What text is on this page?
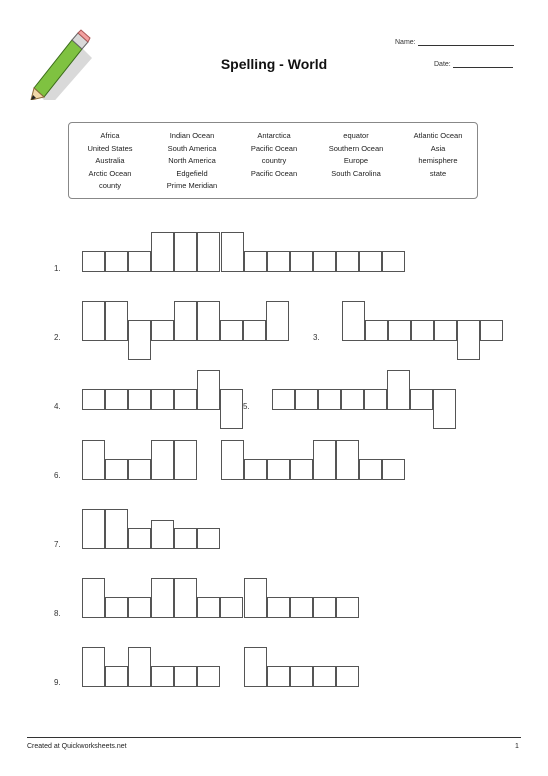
Spelling - World
Name:
Date:
Africa
United States
Australia
Arctic Ocean
county
Indian Ocean
South America
North America
Edgefield
Prime Meridian
Antarctica
Pacific Ocean
country
Pacific Ocean
equator
Southern Ocean
Europe
South Carolina
Atlantic Ocean
Asia
hemisphere
state
1.
2.	3.
4.	5.
6.
7.
8.
9.
Created at Quickworksheets.net	1
